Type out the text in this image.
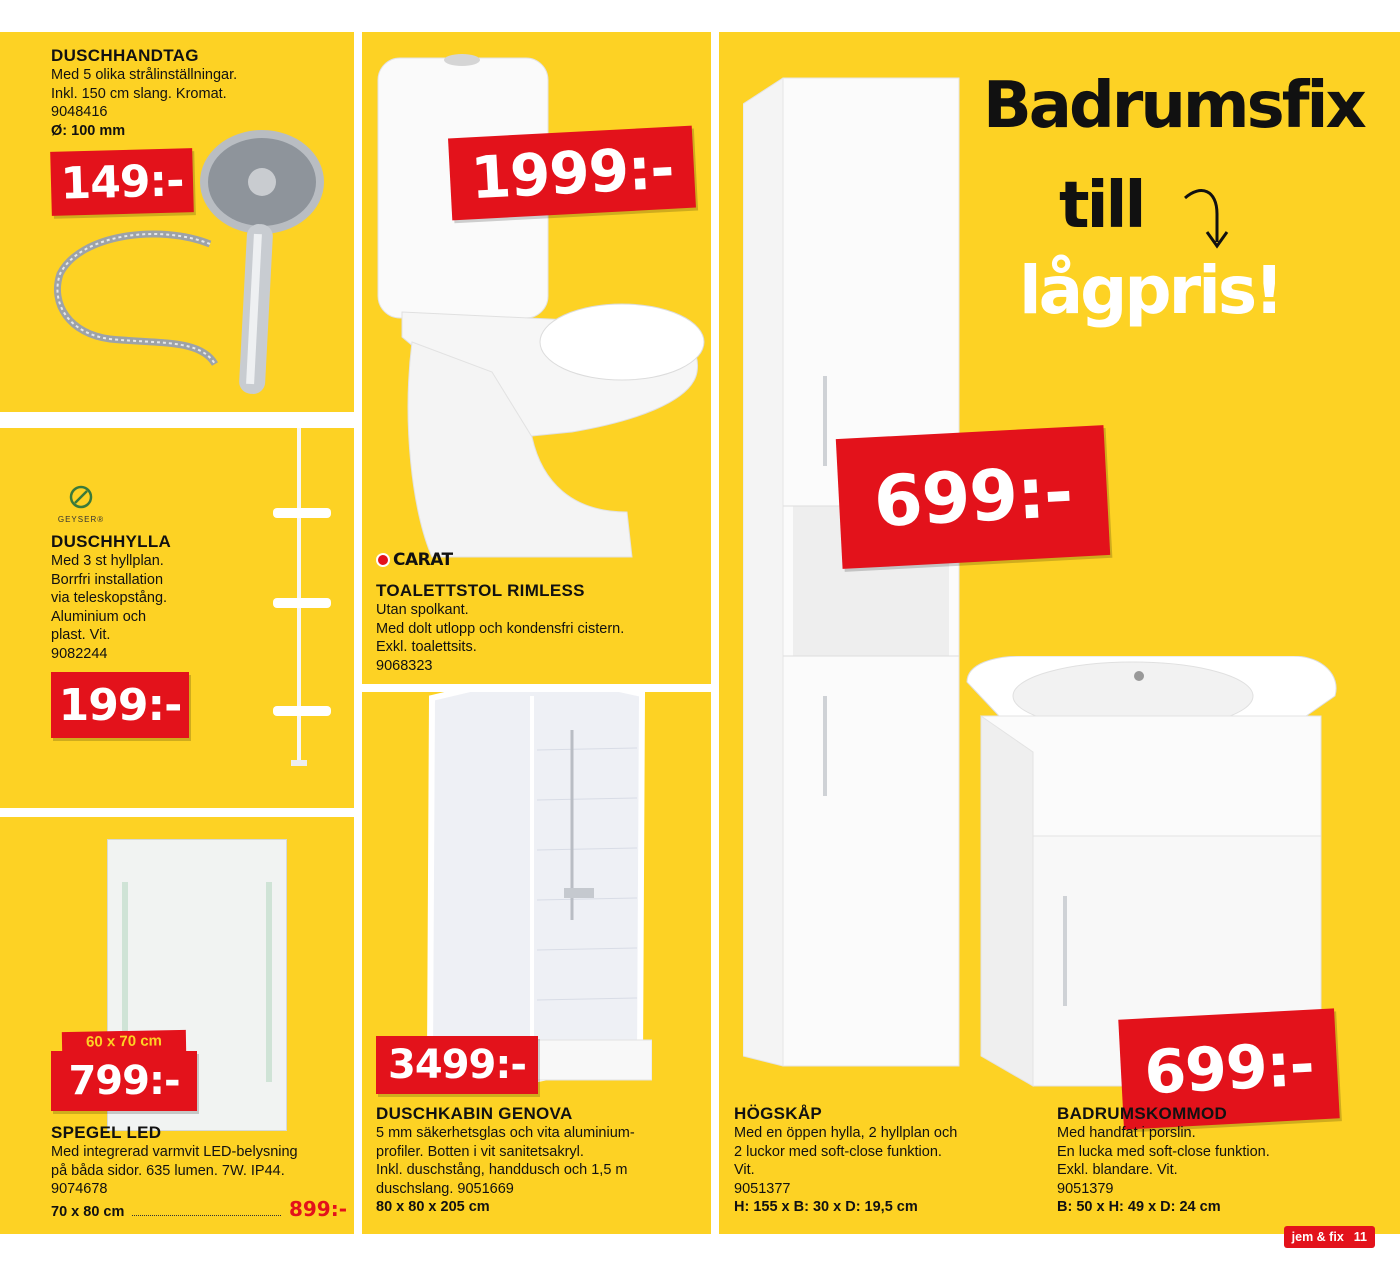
DUSCHHANDTAG
Med 5 olika strålinställningar.
Inkl. 150 cm slang. Kromat.
9048416
Ø: 100 mm
149:-
GEYSER®
DUSCHHYLLA
Med 3 st hyllplan.
Borrfri installation
via teleskopstång.
Aluminium och
plast. Vit.
9082244
199:-
60 x 70 cm
799:-
SPEGEL LED
Med integrerad varmvit LED-belysning
på båda sidor. 635 lumen. 7W. IP44.
9074678
70 x 80 cm	899:-
1999:-
CARAT
TOALETTSTOL RIMLESS
Utan spolkant.
Med dolt utlopp och kondensfri cistern.
Exkl. toalettsits.
9068323
3499:-
DUSCHKABIN GENOVA
5 mm säkerhetsglas och vita aluminium-
profiler. Botten i vit sanitetsakryl.
Inkl. duschstång, handdusch och 1,5 m
duschslang. 9051669
80 x 80 x 205 cm
Badrumsfix
till
lågpris!
699:-
699:-
HÖGSKÅP
Med en öppen hylla, 2 hyllplan och
2 luckor med soft-close funktion.
Vit.
9051377
H: 155 x B: 30 x D: 19,5 cm
BADRUMSKOMMOD
Med handfat i porslin.
En lucka med soft-close funktion.
Exkl. blandare. Vit.
9051379
B: 50 x H: 49 x D: 24 cm
jem & fix 11
